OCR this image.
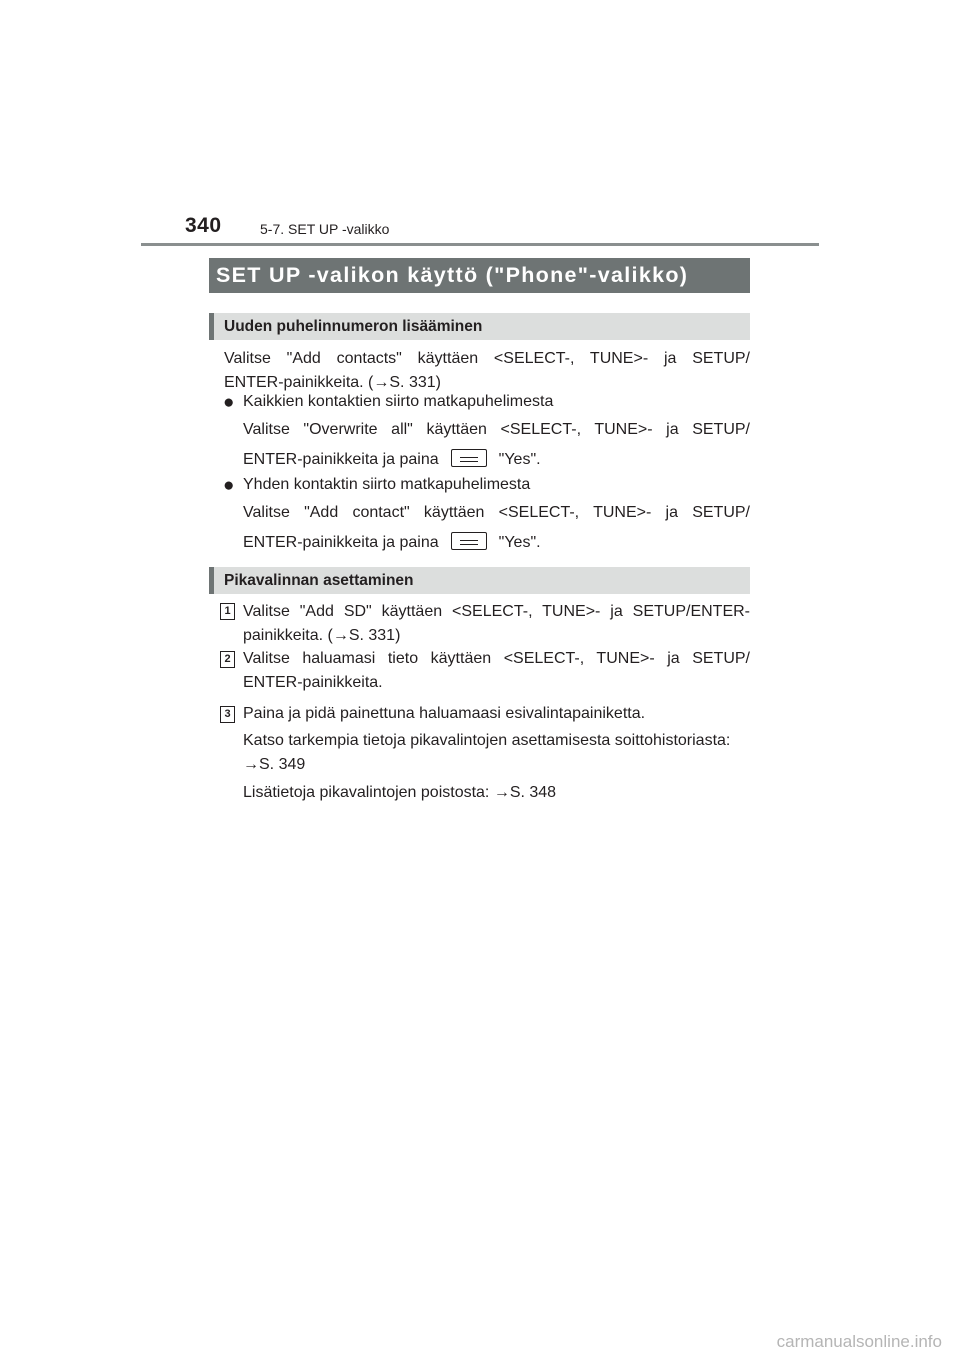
340	5-7. SET UP -valikko
SET UP -valikon käyttö ("Phone"-valikko)
Uuden puhelinnumeron lisääminen
Valitse "Add contacts" käyttäen <SELECT-, TUNE>- ja SETUP/
ENTER-painikkeita. (→S. 331)
● Kaikkien kontaktien siirto matkapuhelimesta
Valitse "Overwrite all" käyttäen <SELECT-, TUNE>- ja SETUP/
ENTER-painikkeita ja paina	"Yes".
● Yhden kontaktin siirto matkapuhelimesta
Valitse "Add contact" käyttäen <SELECT-, TUNE>- ja SETUP/
ENTER-painikkeita ja paina	"Yes".
Pikavalinnan asettaminen
1 Valitse "Add SD" käyttäen <SELECT-, TUNE>- ja SETUP/ENTER-
painikkeita. (→S. 331)
2 Valitse haluamasi tieto käyttäen <SELECT-, TUNE>- ja SETUP/
ENTER-painikkeita.
3 Paina ja pidä painettuna haluamaasi esivalintapainiketta.
Katso tarkempia tietoja pikavalintojen asettamisesta soittohistoriasta:
→S. 349
Lisätietoja pikavalintojen poistosta: →S. 348
carmanualsonline.info
